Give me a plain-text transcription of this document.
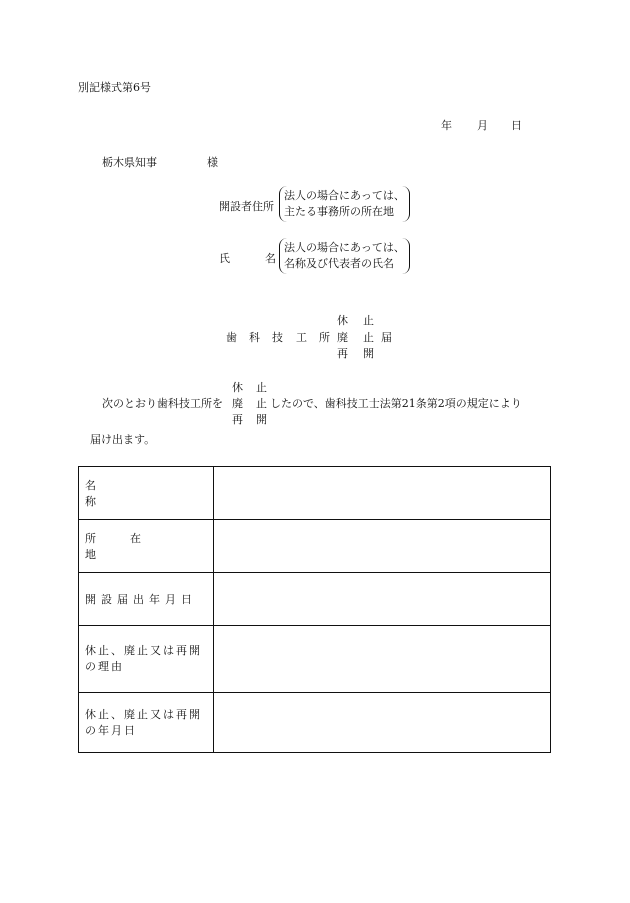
別記様式第6号
年 月 日
栃木県知事	様
開設者住所
法人の場合にあっては、
主たる事務所の所在地
氏	名
法人の場合にあっては、
名称及び代表者の氏名
休 止
歯 科 技 工 所 廃 止 届
再 開
休 止
次のとおり歯科技工所を 廃 止 したので、歯科技工士法第21条第2項の規定により
再 開
届け出ます。
名称	

所在地	
開設届出年月日	

休止、廃止又は再開の理由	

休止、廃止又は再開の年月日	
